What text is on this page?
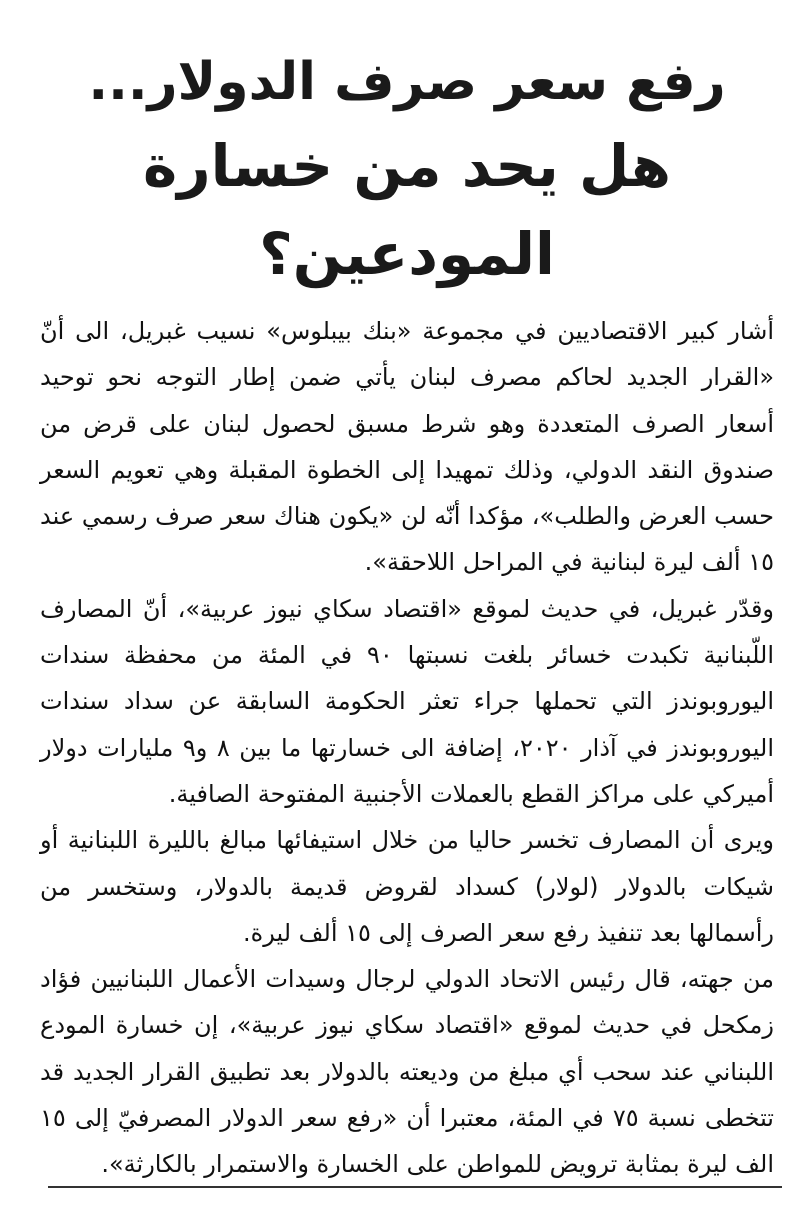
رفع سعر صرف الدولار...
هل يحد من خسارة المودعين؟

أشار كبير الاقتصاديين في مجموعة «بنك بيبلوس» نسيب غبريل، الى أنّ «القرار الجديد لحاكم مصرف لبنان يأتي ضمن إطار التوجه نحو توحيد أسعار الصرف المتعددة وهو شرط مسبق لحصول لبنان على قرض من صندوق النقد الدولي، وذلك تمهيدا إلى الخطوة المقبلة وهي تعويم السعر حسب العرض والطلب»، مؤكدا أنّه لن «يكون هناك سعر صرف رسمي عند ١٥ ألف ليرة لبنانية في المراحل اللاحقة».

وقدّر غبريل، في حديث لموقع «اقتصاد سكاي نيوز عربية»، أنّ المصارف اللّبنانية تكبدت خسائر بلغت نسبتها ٩٠ في المئة من محفظة سندات اليوروبوندز التي تحملها جراء تعثر الحكومة السابقة عن سداد سندات اليوروبوندز في آذار ٢٠٢٠، إضافة الى خسارتها ما بين ٨ و٩ مليارات دولار أميركي على مراكز القطع بالعملات الأجنبية المفتوحة الصافية.

ويرى أن المصارف تخسر حاليا من خلال استيفائها مبالغ بالليرة اللبنانية أو شيكات بالدولار (لولار) كسداد لقروض قديمة بالدولار، وستخسر من رأسمالها بعد تنفيذ رفع سعر الصرف إلى ١٥ ألف ليرة.

من جهته، قال رئيس الاتحاد الدولي لرجال وسيدات الأعمال اللبنانيين فؤاد زمكحل في حديث لموقع «اقتصاد سكاي نيوز عربية»، إن خسارة المودع اللبناني عند سحب أي مبلغ من وديعته بالدولار بعد تطبيق القرار الجديد قد تتخطى نسبة ٧٥ في المئة، معتبرا أن «رفع سعر الدولار المصرفيّ إلى ١٥ الف ليرة بمثابة ترويض للمواطن على الخسارة والاستمرار بالكارثة».
